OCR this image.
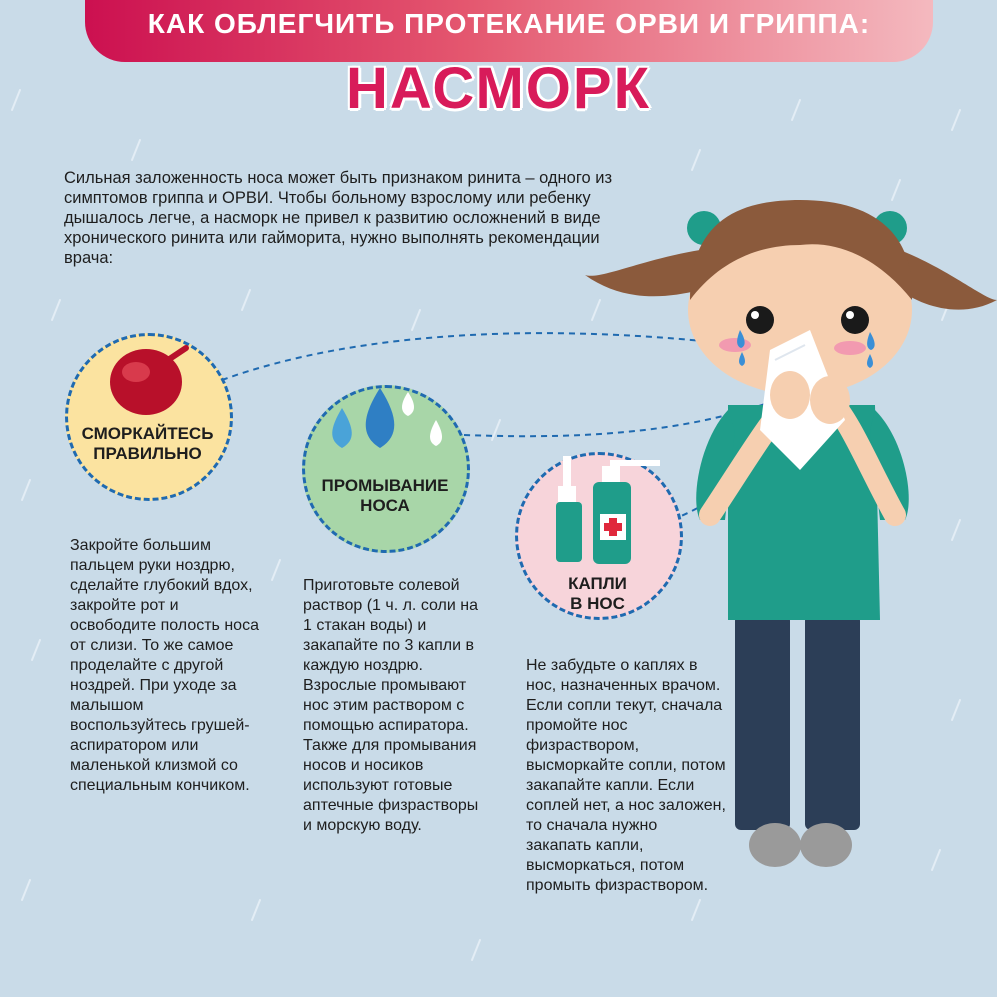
КАК ОБЛЕГЧИТЬ ПРОТЕКАНИЕ ОРВИ И ГРИППА:
НАСМОРК
Сильная заложенность носа может быть признаком ринита – одного из симптомов гриппа и ОРВИ. Чтобы больному взрослому или ребенку дышалось легче, а насморк не привел к развитию осложнений в виде хронического ринита или гайморита, нужно выполнять рекомендации врача:
СМОРКАЙТЕСЬ
ПРАВИЛЬНО
ПРОМЫВАНИЕ
НОСА
КАПЛИ
В НОС
Закройте большим пальцем руки ноздрю, сделайте глубокий вдох, закройте рот и освободите полость носа от слизи. То же самое проделайте с другой ноздрей. При уходе за малышом воспользуйтесь грушей-аспиратором или маленькой клизмой со специальным кончиком.
Приготовьте солевой раствор (1 ч. л. соли на 1 стакан воды) и закапайте по 3 капли в каждую ноздрю. Взрослые промывают нос этим раствором с помощью аспиратора. Также для промывания носов и носиков используют готовые аптечные физрастворы и морскую воду.
Не забудьте о каплях в нос, назначенных врачом. Если сопли текут, сначала промойте нос физраствором, высморкайте сопли, потом закапайте капли. Если соплей нет, а нос заложен, то сначала нужно закапать капли, высморкаться, потом промыть физраствором.
